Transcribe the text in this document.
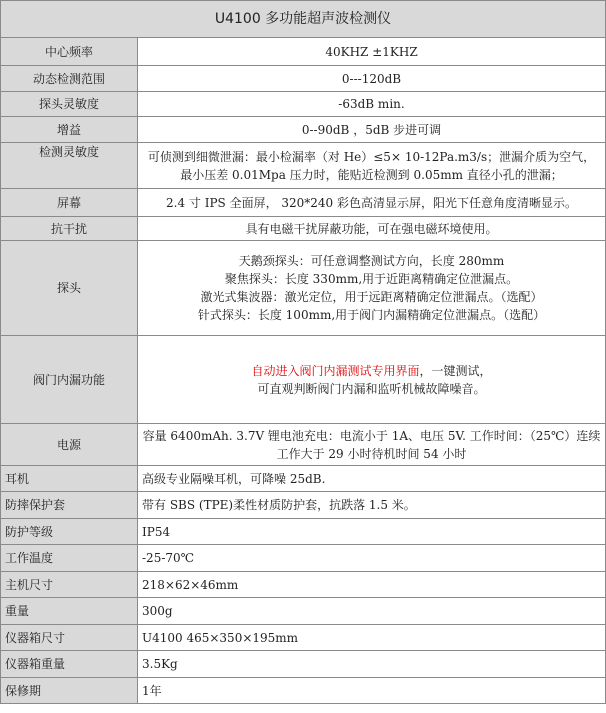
U4100 多功能超声波检测仪	
中心频率	40KHZ ±1KHZ
动态检测范围	0---120dB
探头灵敏度	-63dB min.
增益	0--90dB ，5dB 步进可调
检测灵敏度	可侦测到细微泄漏：最小检漏率（对 He）≤5× 10-12Pa.m3/s；泄漏介质为空气，
最小压差 0.01Mpa 压力时，能贴近检测到 0.05mm 直径小孔的泄漏；

屏幕	2.4 寸 IPS 全面屏， 320*240 彩色高清显示屏，阳光下任意角度清晰显示。
抗干扰	具有电磁干扰屏蔽功能，可在强电磁环境使用。
探头	天鹅颈探头：可任意调整测试方向，长度 280mm
聚焦探头：长度 330mm,用于近距离精确定位泄漏点。
激光式集波器：激光定位，用于远距离精确定位泄漏点。（选配）
针式探头：长度 100mm,用于阀门内漏精确定位泄漏点。（选配）

阀门内漏功能	自动进入阀门内漏测试专用界面，一键测试，
可直观判断阀门内漏和监听机械故障噪音。

电源	容量 6400mAh. 3.7V 锂电池充电：电流小于 1A、电压 5V. 工作时间：（25℃）连续
工作大于 29 小时待机时间 54 小时

耳机	高级专业隔噪耳机，可降噪 25dB.
防摔保护套	带有 SBS (TPE)柔性材质防护套，抗跌落 1.5 米。
防护等级	IP54
工作温度	-25-70℃
主机尺寸	218×62×46mm
重量	300g
仪器箱尺寸	U4100 465×350×195mm
仪器箱重量	3.5Kg
保修期	1年
